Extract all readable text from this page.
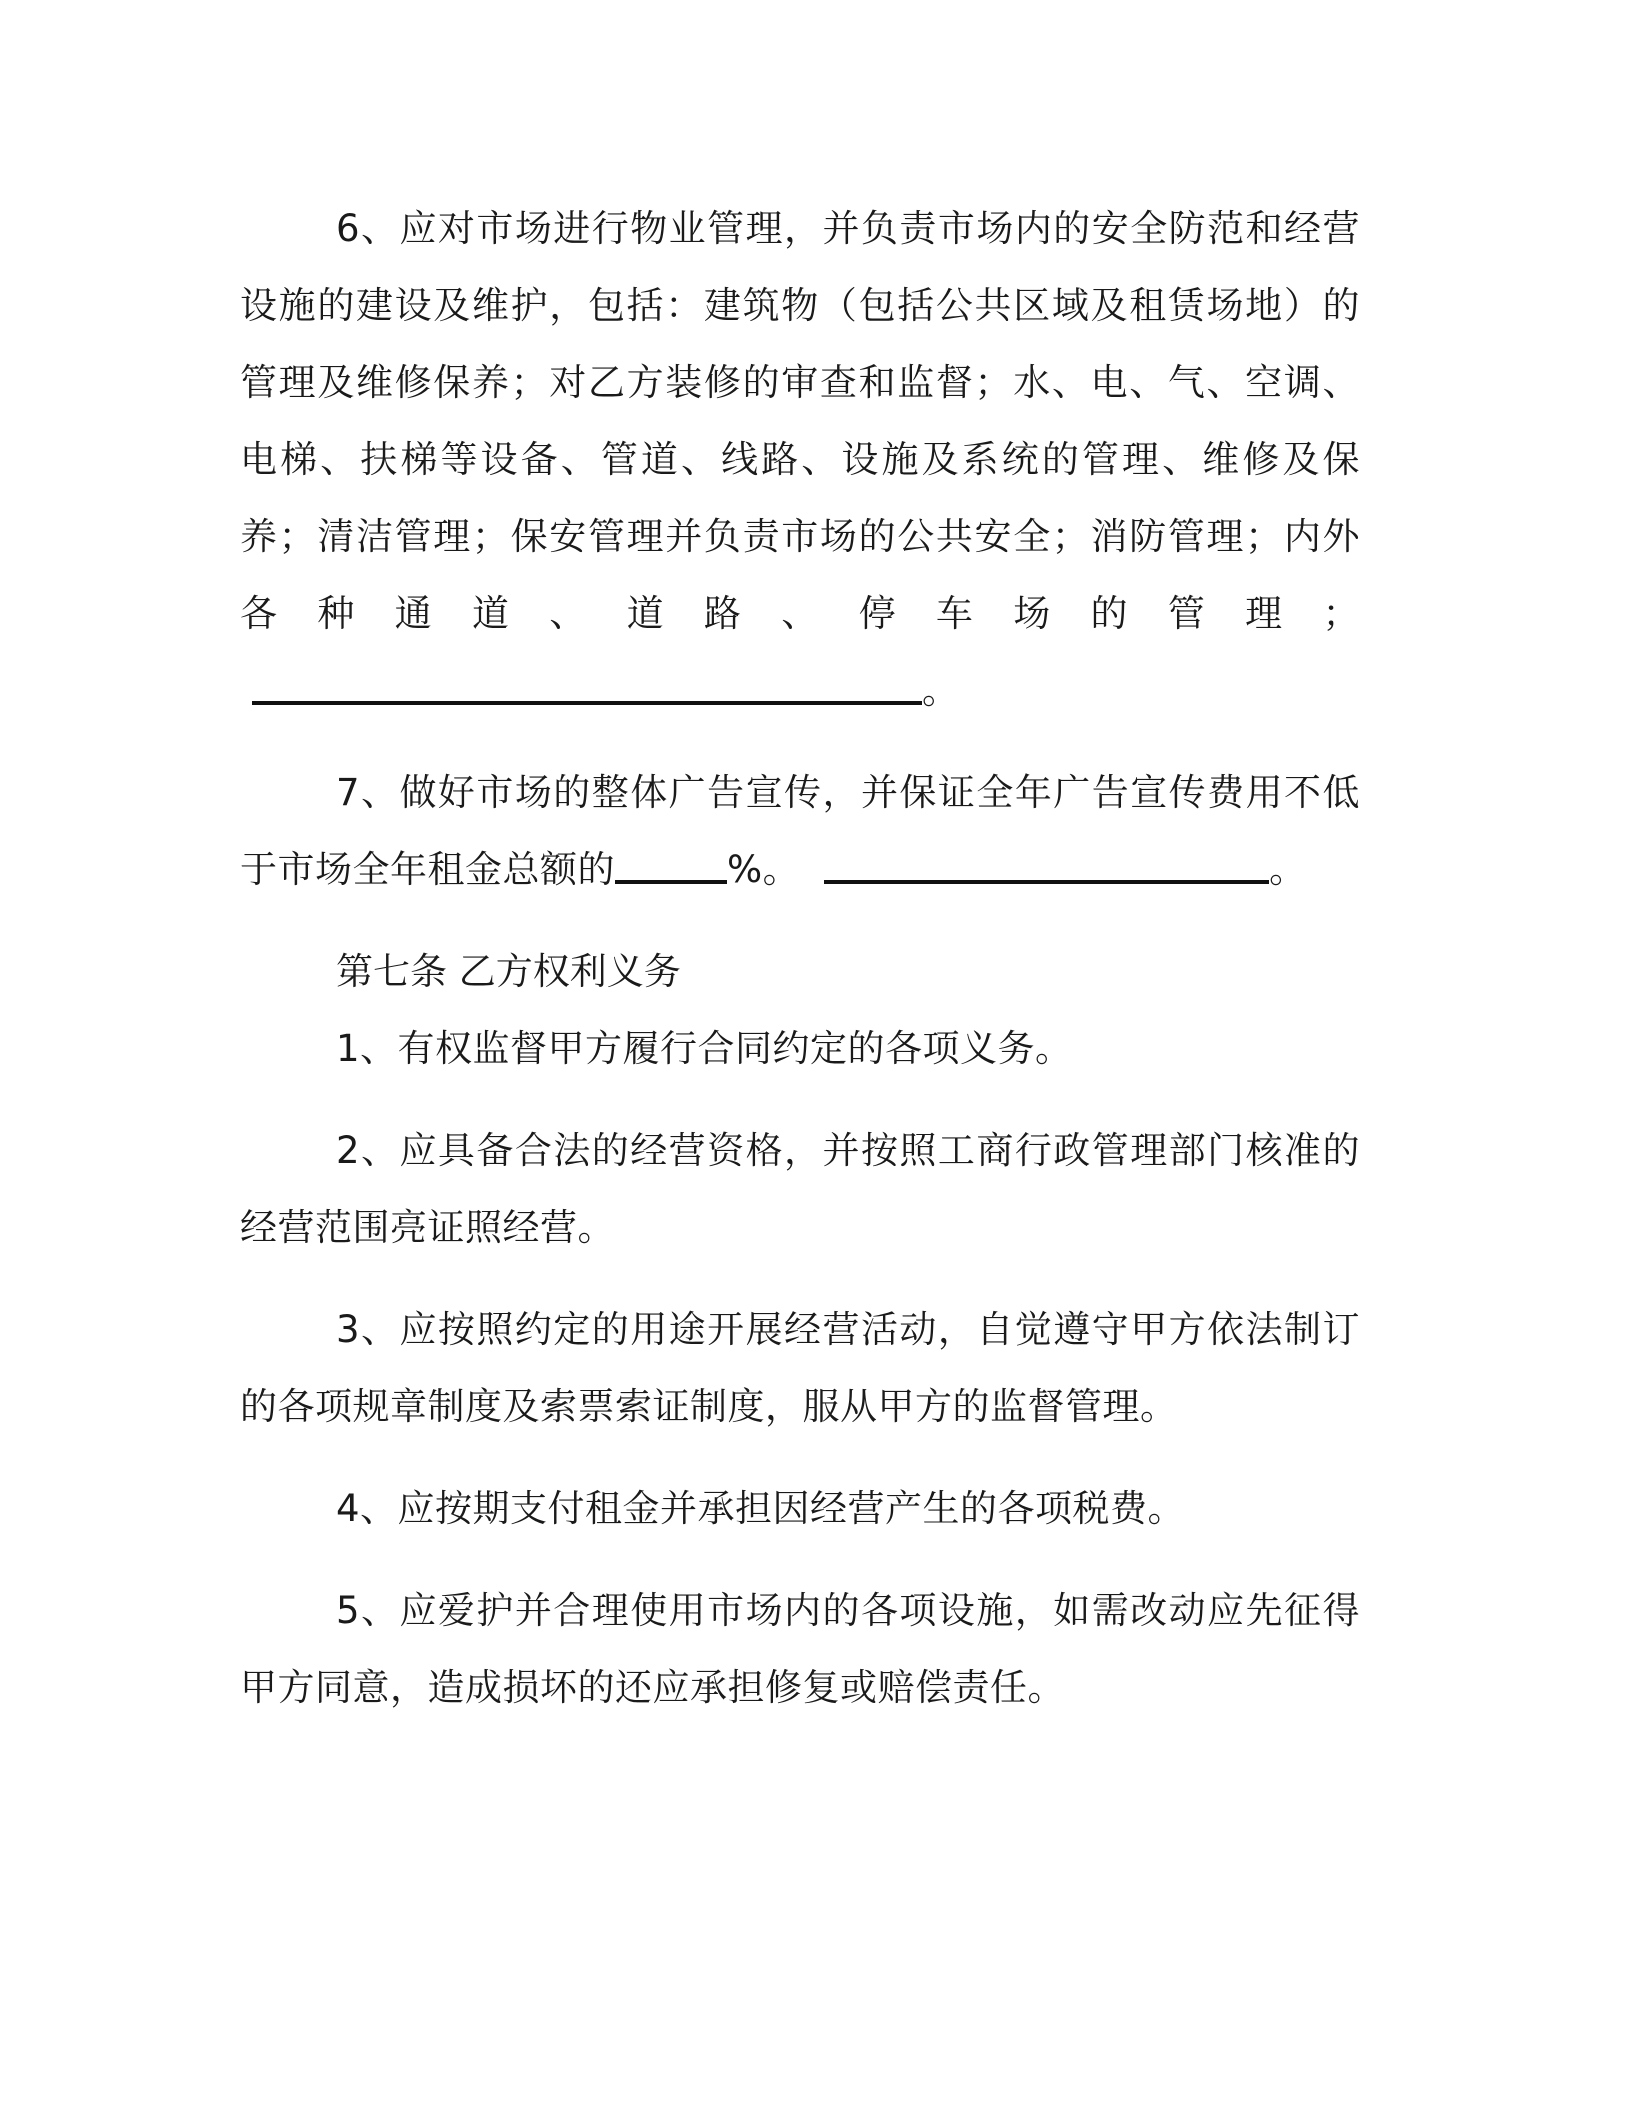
6、应对市场进行物业管理，并负责市场内的安全防范和经营设施的建设及维护，包括：建筑物（包括公共区域及租赁场地）的管理及维修保养；对乙方装修的审查和监督；水、电、气、空调、电梯、扶梯等设备、管道、线路、设施及系统的管理、维修及保养；清洁管理；保安管理并负责市场的公共安全；消防管理；内外各种通道、道路、停车场的管理；。

7、做好市场的整体广告宣传，并保证全年广告宣传费用不低于市场全年租金总额的	%。	。

第七条 乙方权利义务

1、有权监督甲方履行合同约定的各项义务。

2、应具备合法的经营资格，并按照工商行政管理部门核准的经营范围亮证照经营。

3、应按照约定的用途开展经营活动，自觉遵守甲方依法制订的各项规章制度及索票索证制度，服从甲方的监督管理。

4、应按期支付租金并承担因经营产生的各项税费。

5、应爱护并合理使用市场内的各项设施，如需改动应先征得甲方同意，造成损坏的还应承担修复或赔偿责任。
